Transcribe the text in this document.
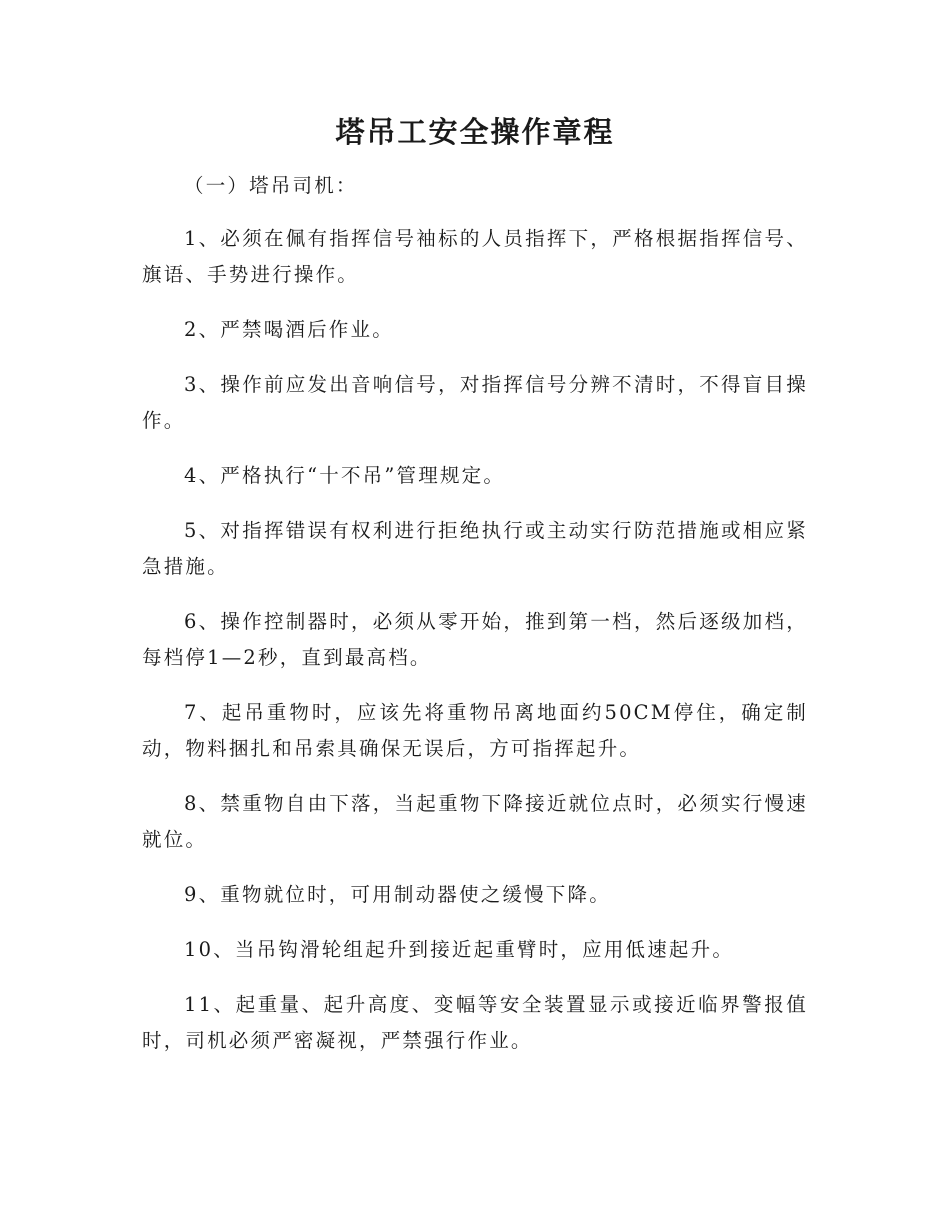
塔吊工安全操作章程

（一）塔吊司机：

1、必须在佩有指挥信号袖标的人员指挥下，严格根据指挥信号、旗语、手势进行操作。

2、严禁喝酒后作业。

3、操作前应发出音响信号，对指挥信号分辨不清时，不得盲目操作。

4、严格执行“十不吊”管理规定。

5、对指挥错误有权利进行拒绝执行或主动实行防范措施或相应紧急措施。

6、操作控制器时，必须从零开始，推到第一档，然后逐级加档，每档停1—2秒，直到最高档。

7、起吊重物时，应该先将重物吊离地面约50CM停住，确定制动，物料捆扎和吊索具确保无误后，方可指挥起升。

8、禁重物自由下落，当起重物下降接近就位点时，必须实行慢速就位。

9、重物就位时，可用制动器使之缓慢下降。

10、当吊钩滑轮组起升到接近起重臂时，应用低速起升。

11、起重量、起升高度、变幅等安全装置显示或接近临界警报值时，司机必须严密凝视，严禁强行作业。
